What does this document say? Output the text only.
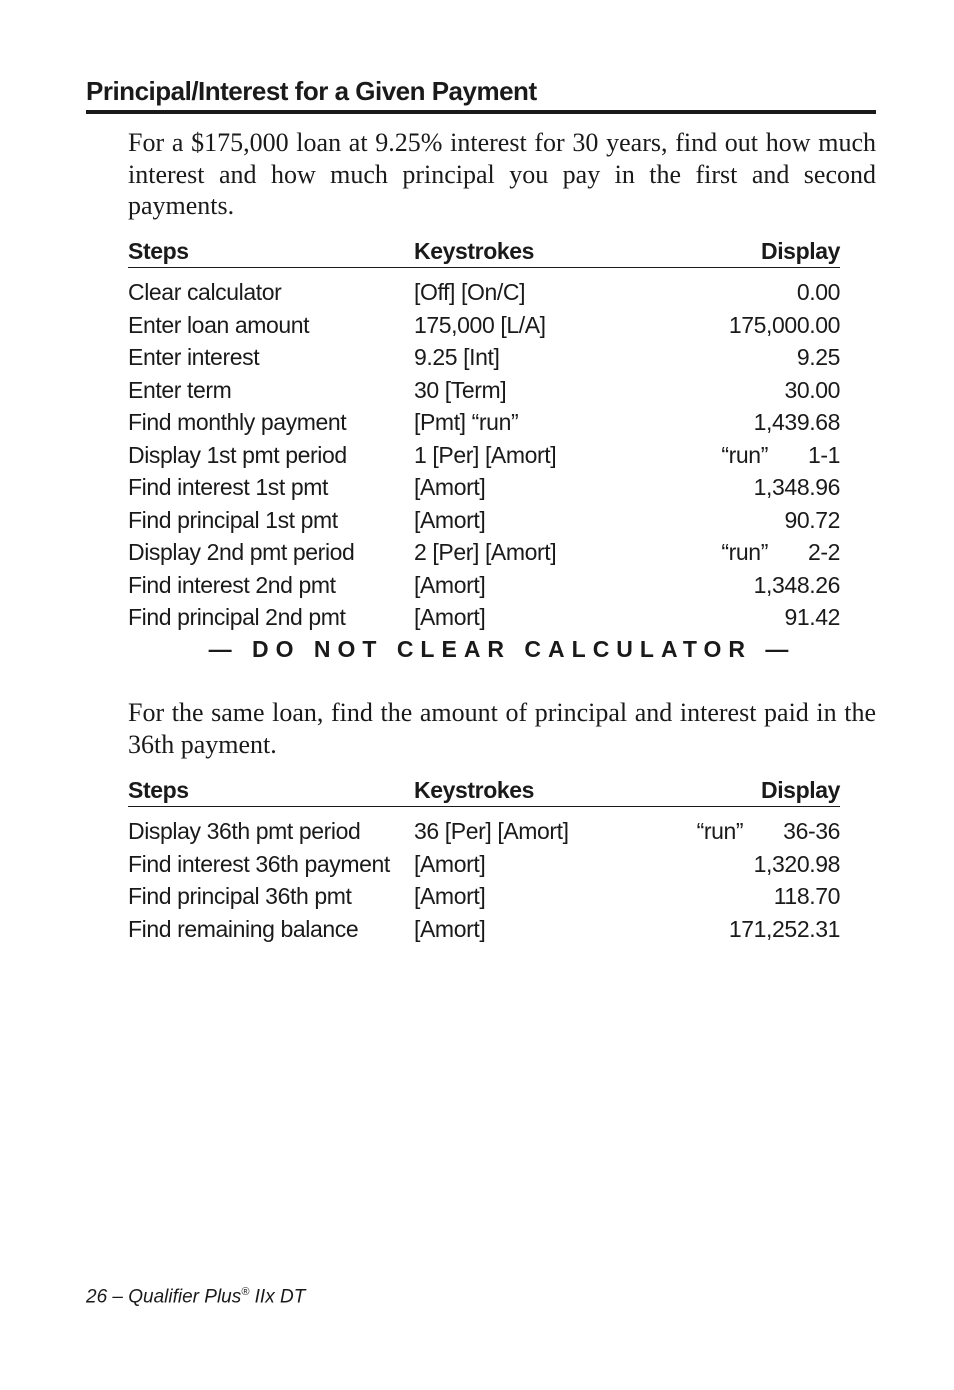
Principal/Interest for a Given Payment

For a $175,000 loan at 9.25% interest for 30 years, find out how much interest and how much principal you pay in the first and second payments.

Steps	Keystrokes	Display
Clear calculator	[Off] [On/C]	0.00

Enter loan amount	175,000 [L/A]	175,000.00

Enter interest	9.25 [Int]	9.25

Enter term	30 [Term]	30.00

Find monthly payment	[Pmt] “run”	1,439.68

Display 1st pmt period	1 [Per] [Amort]	“run” 1-1

Find interest 1st pmt	[Amort]	1,348.96

Find principal 1st pmt	[Amort]	90.72

Display 2nd pmt period	2 [Per] [Amort]	“run” 2-2

Find interest 2nd pmt	[Amort]	1,348.26

Find principal 2nd pmt	[Amort]	91.42
— DO NOT CLEAR CALCULATOR —

For the same loan, find the amount of principal and interest paid in the 36th payment.

Steps	Keystrokes	Display
Display 36th pmt period	36 [Per] [Amort]	“run” 36-36

Find interest 36th payment	[Amort]	1,320.98

Find principal 36th pmt	[Amort]	118.70

Find remaining balance	[Amort]	171,252.31
26 – Qualifier Plus® IIx DT
